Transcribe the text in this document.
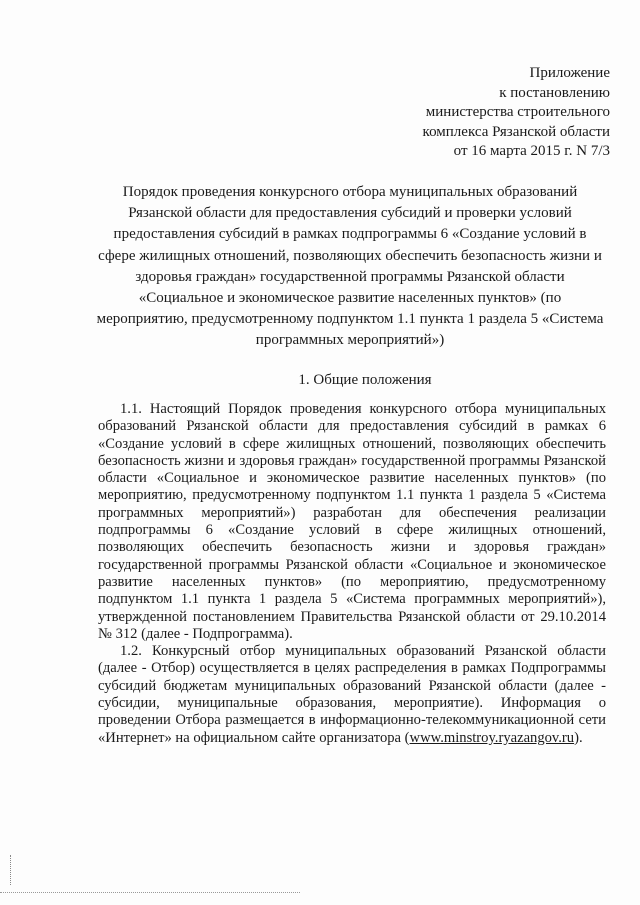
Приложение
к постановлению
министерства строительного
комплекса Рязанской области
от 16 марта 2015 г. N 7/3
Порядок проведения конкурсного отбора муниципальных образований Рязанской области для предоставления субсидий и проверки условий предоставления субсидий в рамках подпрограммы 6 «Создание условий в сфере жилищных отношений, позволяющих обеспечить безопасность жизни и здоровья граждан» государственной программы Рязанской области «Социальное и экономическое развитие населенных пунктов» (по мероприятию, предусмотренному подпунктом 1.1 пункта 1 раздела 5 «Система программных мероприятий»)
1. Общие положения

1.1. Настоящий Порядок проведения конкурсного отбора муниципальных образований Рязанской области для предоставления субсидий в рамках 6 «Создание условий в сфере жилищных отношений, позволяющих обеспечить безопасность жизни и здоровья граждан» государственной программы Рязанской области «Социальное и экономическое развитие населенных пунктов» (по мероприятию, предусмотренному подпунктом 1.1 пункта 1 раздела 5 «Система программных мероприятий») разработан для обеспечения реализации подпрограммы 6 «Создание условий в сфере жилищных отношений, позволяющих обеспечить безопасность жизни и здоровья граждан» государственной программы Рязанской области «Социальное и экономическое развитие населенных пунктов» (по мероприятию, предусмотренному подпунктом 1.1 пункта 1 раздела 5 «Система программных мероприятий»), утвержденной постановлением Правительства Рязанской области от 29.10.2014 № 312 (далее - Подпрограмма).

1.2. Конкурсный отбор муниципальных образований Рязанской области (далее - Отбор) осуществляется в целях распределения в рамках Подпрограммы субсидий бюджетам муниципальных образований Рязанской области (далее - субсидии, муниципальные образования, мероприятие). Информация о проведении Отбора размещается в информационно-телекоммуникационной сети «Интернет» на официальном сайте организатора (www.minstroy.ryazangov.ru).
